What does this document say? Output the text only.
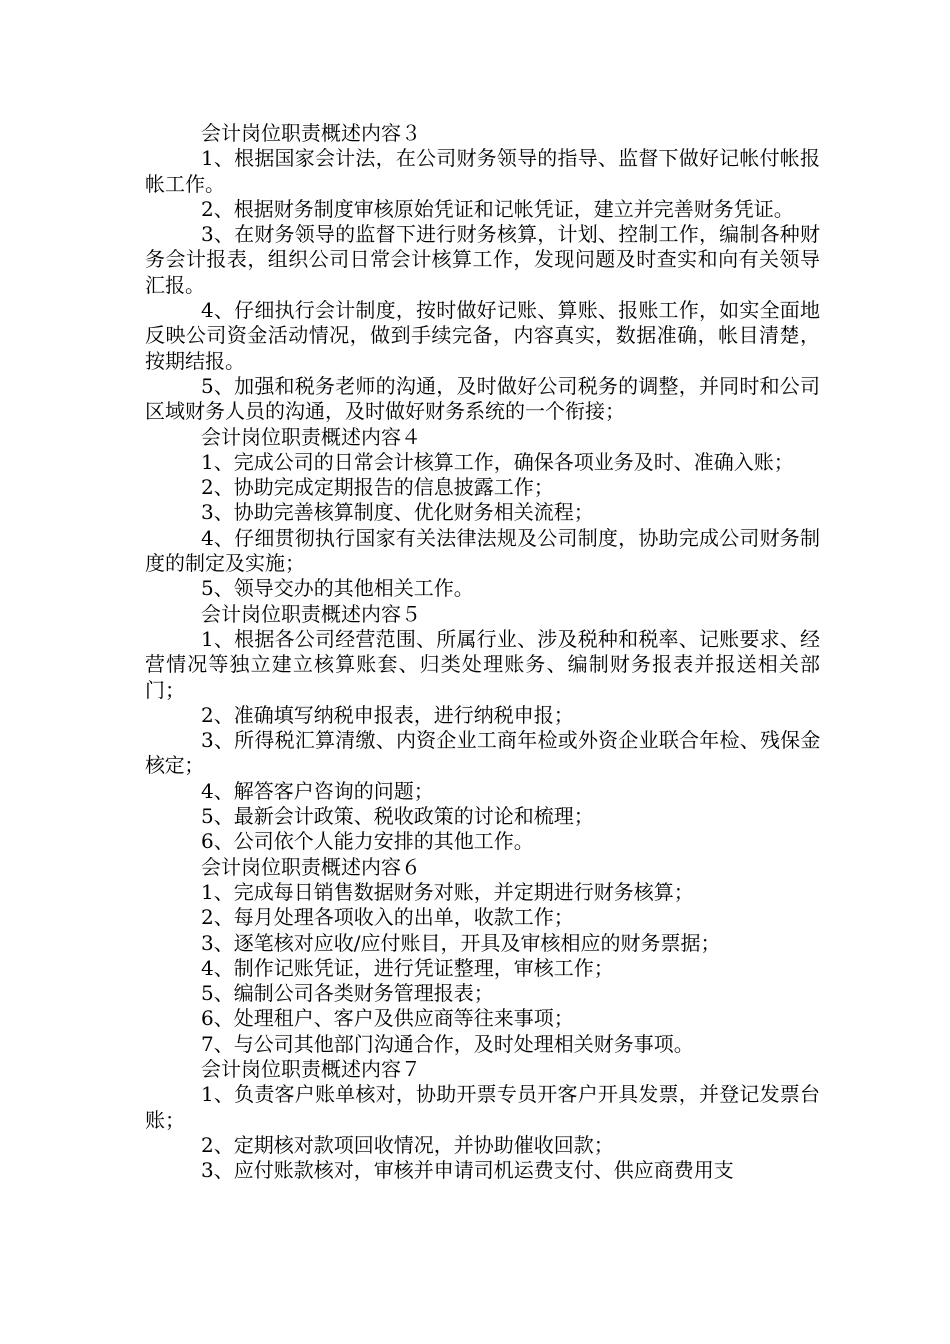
会计岗位职责概述内容３

1、根据国家会计法，在公司财务领导的指导、监督下做好记帐付帐报帐工作。

2、根据财务制度审核原始凭证和记帐凭证，建立并完善财务凭证。

3、在财务领导的监督下进行财务核算，计划、控制工作，编制各种财务会计报表，组织公司日常会计核算工作，发现问题及时查实和向有关领导汇报。

4、仔细执行会计制度，按时做好记账、算账、报账工作，如实全面地反映公司资金活动情况，做到手续完备，内容真实，数据准确，帐目清楚，按期结报。

5、加强和税务老师的沟通，及时做好公司税务的调整，并同时和公司区域财务人员的沟通，及时做好财务系统的一个衔接；

会计岗位职责概述内容４

1、完成公司的日常会计核算工作，确保各项业务及时、准确入账；

2、协助完成定期报告的信息披露工作；

3、协助完善核算制度、优化财务相关流程；

4、仔细贯彻执行国家有关法律法规及公司制度，协助完成公司财务制度的制定及实施；

5、领导交办的其他相关工作。

会计岗位职责概述内容５

1、根据各公司经营范围、所属行业、涉及税种和税率、记账要求、经营情况等独立建立核算账套、归类处理账务、编制财务报表并报送相关部门；

2、准确填写纳税申报表，进行纳税申报；

3、所得税汇算清缴、内资企业工商年检或外资企业联合年检、残保金核定；

4、解答客户咨询的问题；

5、最新会计政策、税收政策的讨论和梳理；

6、公司依个人能力安排的其他工作。

会计岗位职责概述内容６

1、完成每日销售数据财务对账，并定期进行财务核算；

2、每月处理各项收入的出单，收款工作；

3、逐笔核对应收/应付账目，开具及审核相应的财务票据；

4、制作记账凭证，进行凭证整理，审核工作；

5、编制公司各类财务管理报表；

6、处理租户、客户及供应商等往来事项；

7、与公司其他部门沟通合作，及时处理相关财务事项。

会计岗位职责概述内容７

1、负责客户账单核对，协助开票专员开客户开具发票，并登记发票台账；

2、定期核对款项回收情况，并协助催收回款；

3、应付账款核对，审核并申请司机运费支付、供应商费用支
